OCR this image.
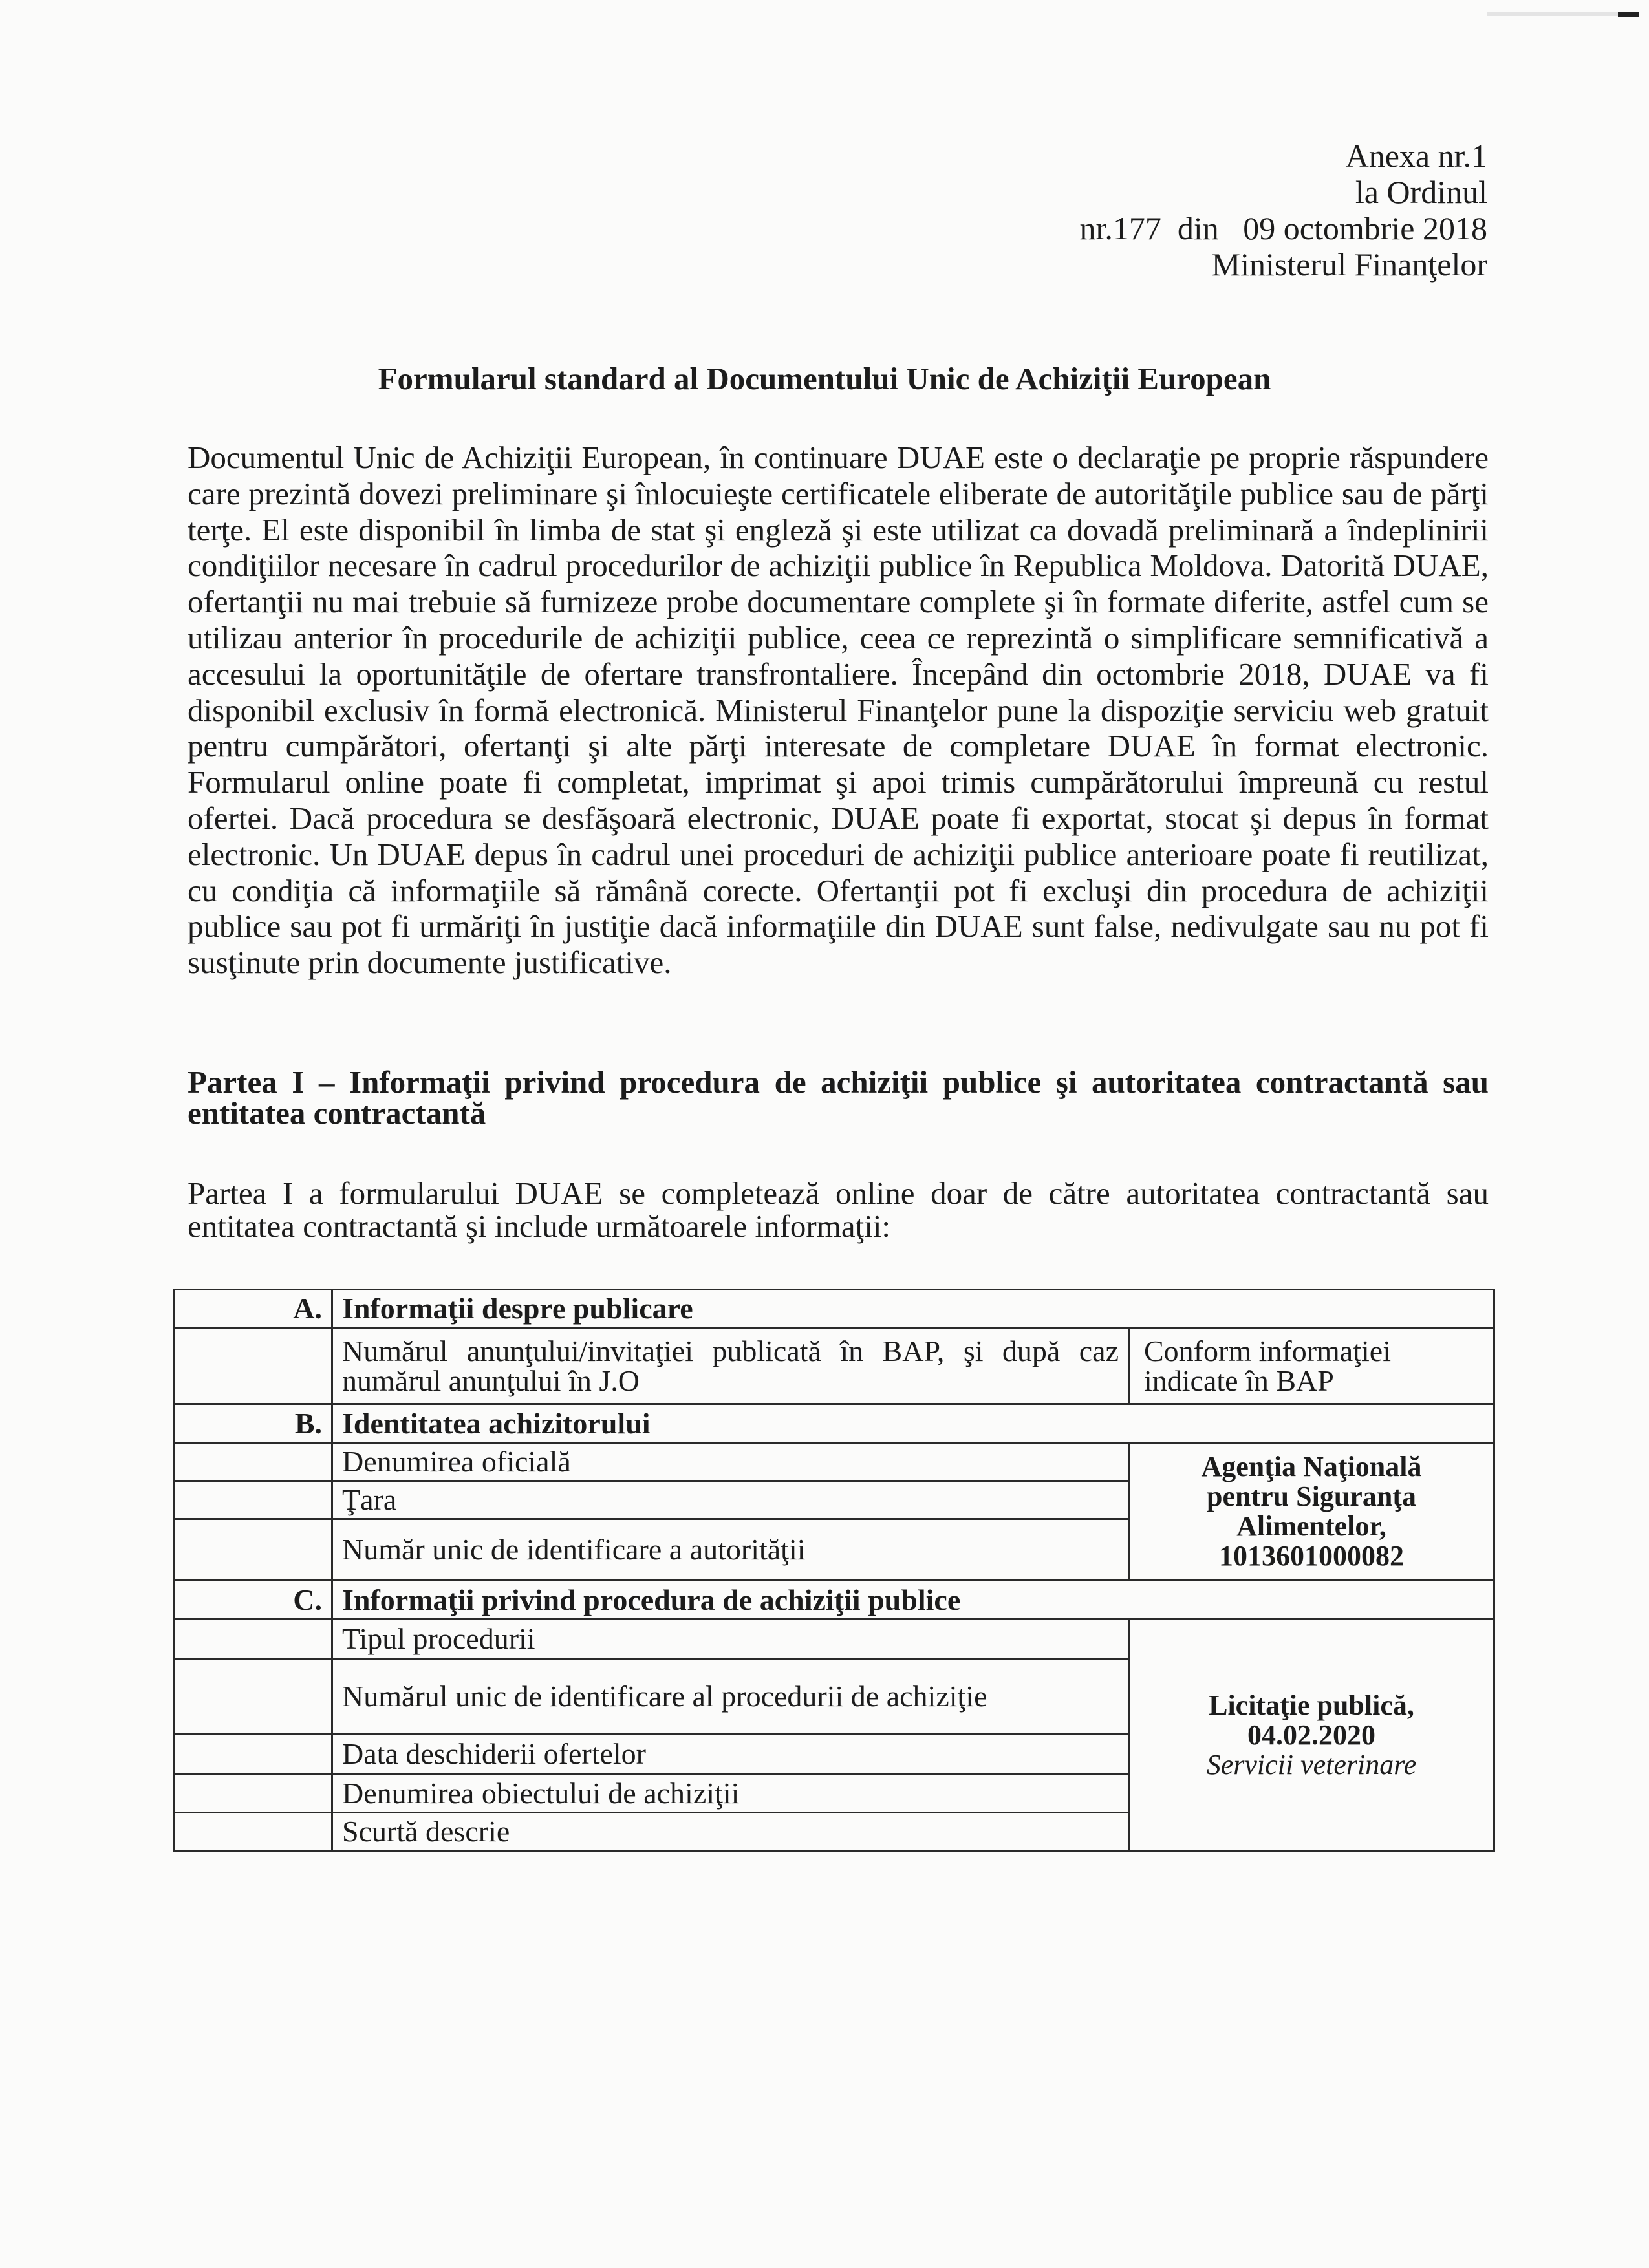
Anexa nr.1
la Ordinul
nr.177  din   09 octombrie 2018
Ministerul Finanţelor
Formularul standard al Documentului Unic de Achiziţii European

Documentul Unic de Achiziţii European, în continuare DUAE este o declaraţie pe proprie răspundere care prezintă dovezi preliminare şi înlocuieşte certificatele eliberate de autorităţile publice sau de părţi terţe. El este disponibil în limba de stat şi engleză şi este utilizat ca dovadă preliminară a îndeplinirii condiţiilor necesare în cadrul procedurilor de achiziţii publice în Republica Moldova. Datorită DUAE, ofertanţii nu mai trebuie să furnizeze probe documentare complete şi în formate diferite, astfel cum se utilizau anterior în procedurile de achiziţii publice, ceea ce reprezintă o simplificare semnificativă a accesului la oportunităţile de ofertare transfrontaliere. Începând din octombrie 2018, DUAE va fi disponibil exclusiv în formă electronică. Ministerul Finanţelor pune la dispoziţie serviciu web gratuit pentru cumpărători, ofertanţi şi alte părţi interesate de completare DUAE în format electronic. Formularul online poate fi completat, imprimat şi apoi trimis cumpărătorului împreună cu restul ofertei. Dacă procedura se desfăşoară electronic, DUAE poate fi exportat, stocat şi depus în format electronic. Un DUAE depus în cadrul unei proceduri de achiziţii publice anterioare poate fi reutilizat, cu condiţia că informaţiile să rămână corecte. Ofertanţii pot fi excluşi din procedura de achiziţii publice sau pot fi urmăriţi în justiţie dacă informaţiile din DUAE sunt false, nedivulgate sau nu pot fi susţinute prin documente justificative.

Partea I – Informaţii privind procedura de achiziţii publice şi autoritatea contractantă sau entitatea contractantă

Partea I a formularului DUAE se completează online doar de către autoritatea contractantă sau entitatea contractantă şi include următoarele informaţii:

A.	Informaţii despre publicare	
	Numărul anunţului/invitaţiei publicată în BAP, şi după caz numărul anunţului în J.O	Conform informaţiei
indicate în BAP

B.	Identitatea achizitorului	
	Denumirea oficială	Agenţia Naţională
pentru Siguranţa
Alimentelor,
1013601000082

	Ţara	
	Număr unic de identificare a autorităţii	
C.	Informaţii privind procedura de achiziţii publice	
	Tipul procedurii	Licitaţie publică,
04.02.2020
Servicii veterinare

	Numărul unic de identificare al procedurii de achiziţie	
	Data deschiderii ofertelor	
	Denumirea obiectului de achiziţii	
	Scurtă descrie	
